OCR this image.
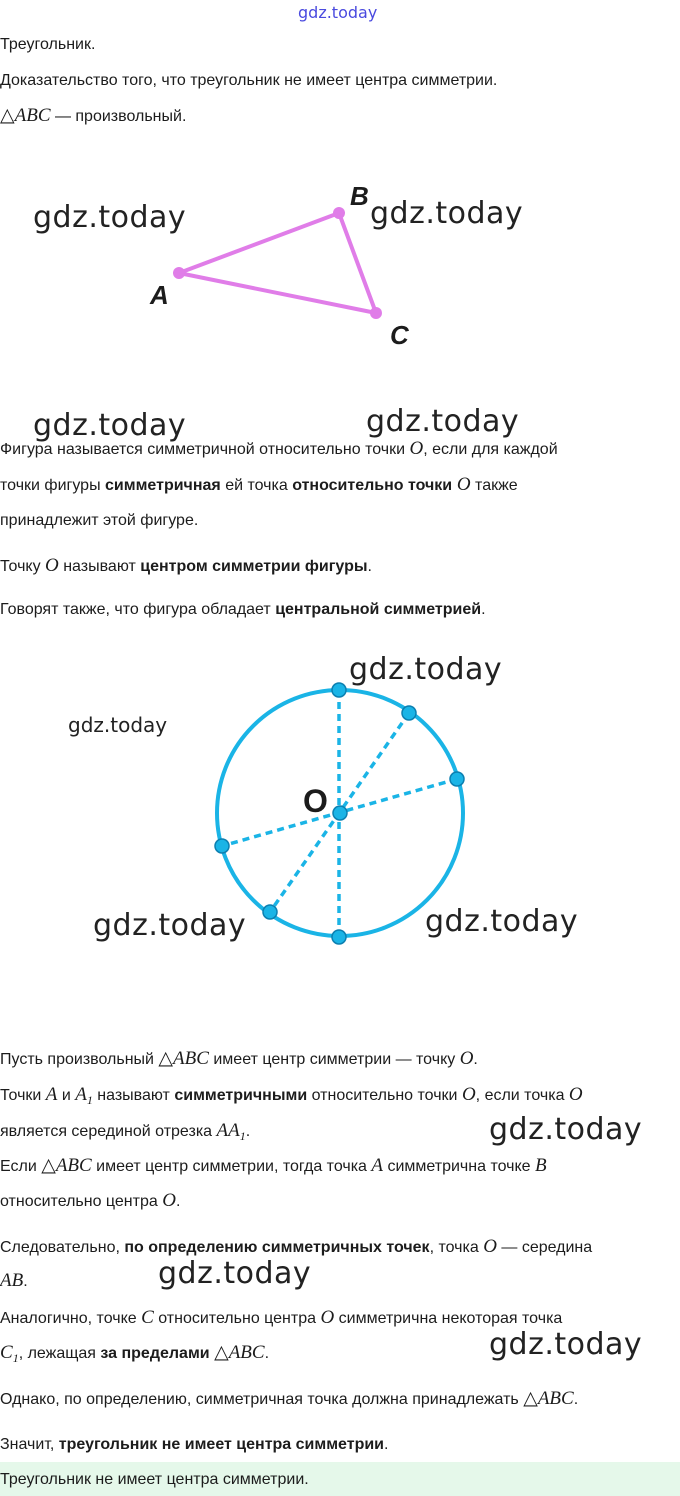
gdz.today
gdz.today	gdz.today
gdz.today	gdz.today
gdz.today
gdz.today
gdz.today	gdz.today
gdz.today
gdz.today
gdz.today
Треугольник.
Доказательство того, что треугольник не имеет центра симметрии.
△ABC — произвольный.
A
B
C
Фигура называется симметричной относительно точки O, если для каждой
точки фигуры симметричная ей точка относительно точки O также
принадлежит этой фигуре.
Точку O называют центром симметрии фигуры.
Говорят также, что фигура обладает центральной симметрией.
O
Пусть произвольный △ABC имеет центр симметрии — точку O.
Точки A и $A_1$ называют симметричными относительно точки O, если точка O
является серединой отрезка $AA_1$.
Если △ABC имеет центр симметрии, тогда точка A симметрична точке B
относительно центра O.
Следовательно, по определению симметричных точек, точка O — середина
AB.
Аналогично, точке C относительно центра O симметрична некоторая точка
$C_1$, лежащая за пределами △ABC.
Однако, по определению, симметричная точка должна принадлежать △ABC.
Значит, треугольник не имеет центра симметрии.
Треугольник не имеет центра симметрии.
